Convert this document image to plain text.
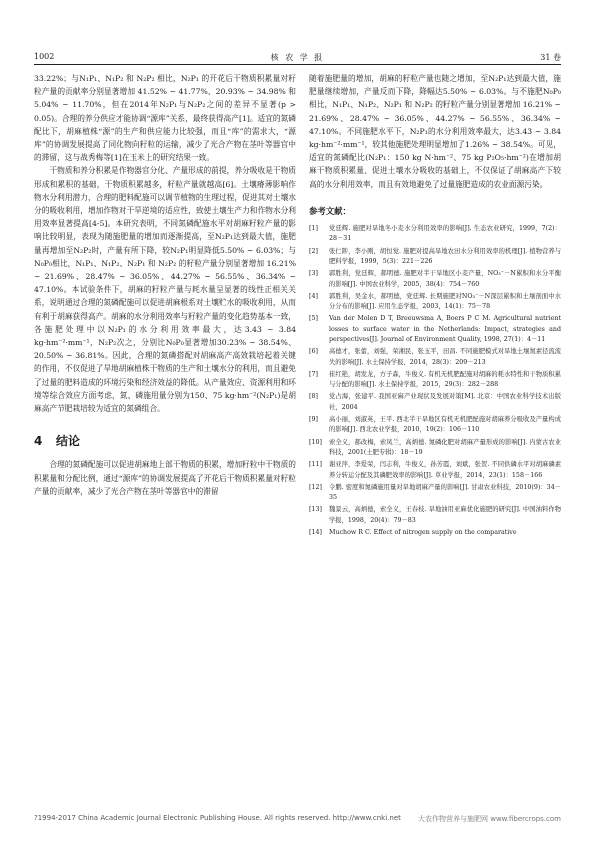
1002	核 农 学 报	31 卷

33.22%；与N₁P₁、N₁P₂ 和 N₂P₂ 相比，N₂P₁ 的开花后干物质积累量对籽粒产量的贡献率分别显著增加 41.52% ~ 41.77%、20.93% ~ 34.98% 和 5.04% ~ 11.70%，但在2014年N₂P₁与N₂P₂之间的差异不显著(p > 0.05)。合理的养分供应才能协调“源库”关系，最终获得高产[1]。适宜的氮磷配比下，胡麻植株“源”的生产和供应能力比较强，而且“库”的需求大，“源库”的协调发展提高了同化物向籽粒的运输，减少了光合产物在茎叶等器官中的滞留，这与战秀梅等[1]在玉米上的研究结果一致。

干物质和养分积累是作物器官分化、产量形成的前提，养分吸收是干物质形成和累积的基础，干物质积累越多，籽粒产量就越高[6]。土壤瘠薄影响作物水分利用潜力，合理的肥料配施可以调节植物的生理过程，促进其对土壤水分的吸收利用，增加作物对干旱逆境的适应性，致使土壤生产力和作物水分利用效率显著提高[4-5]。本研究表明，不同氮磷配施水平对胡麻籽粒产量的影响比较明显，表现为随施肥量的增加而逐渐提高，至N₂P₁达到最大值，施肥量再增加至N₂P₂时，产量有所下降，较N₂P₁明显降低5.50% ~ 6.03%；与N₀P₀相比，N₁P₁、N₁P₂、N₂P₁ 和 N₂P₂ 的籽粒产量分别显著增加 16.21% ~ 21.69%、28.47% ~ 36.05%、44.27% ~ 56.55%、36.34% ~ 47.10%。本试验条件下，胡麻的籽粒产量与耗水量呈显著的线性正相关关系，说明通过合理的氮磷配施可以促进胡麻根系对土壤贮水的吸收利用，从而有利于胡麻获得高产。胡麻的水分利用效率与籽粒产量的变化趋势基本一致，各施肥处理中以N₂P₁的水分利用效率最大，达3.43 ~ 3.84 kg·hm⁻²·mm⁻¹，N₂P₂次之，分别比N₀P₀显著增加30.23% ~ 38.54%、20.50% ~ 36.81%。因此，合理的氮磷搭配对胡麻高产高效栽培起着关键的作用，不仅促进了旱地胡麻植株干物质的生产和土壤水分的利用，而且避免了过量的肥料造成的环境污染和经济效益的降低。从产量效应、资源利用和环境等综合效应方面考虑，氮、磷施用量分别为150、75 kg·hm⁻²(N₂P₁)是胡麻高产节肥栽培较为适宜的氮磷组合。

4 结论

合理的氮磷配施可以促进胡麻地上部干物质的积累，增加籽粒中干物质的积累量和分配比例，通过“源库”的协调发展提高了开花后干物质积累量对籽粒产量的贡献率，减少了光合产物在茎叶等器官中的滞留

随着施肥量的增加，胡麻的籽粒产量也随之增加，至N₂P₁达到最大值，施肥量继续增加，产量反而下降，降幅达5.50% ~ 6.03%。与不施肥N₀P₀相比，N₁P₁、N₁P₂、N₂P₁ 和 N₂P₂ 的籽粒产量分别显著增加 16.21% ~ 21.69%、28.47% ~ 36.05%、44.27% ~ 56.55%、36.34% ~ 47.10%。不同施肥水平下，N₂P₁的水分利用效率最大，达3.43 ~ 3.84 kg·hm⁻²·mm⁻¹，较其他施肥处理明显增加了1.26% ~ 38.54%。可见，适宜的氮磷配比(N₂P₁：150 kg N·hm⁻²、75 kg P₂O₅·hm⁻²)在增加胡麻干物质积累量、促进土壤水分吸收的基础上，不仅保证了胡麻高产下较高的水分利用效率，而且有效地避免了过量施肥造成的农业面源污染。

参考文献：
[1]	党廷辉. 施肥对旱地冬小麦水分利用效率的影响[J]. 生态农业研究，1999，7(2)：28－31
[2]	张仁陟，李小刚，胡恒觉. 施肥对提高旱地农田水分利用效率的机理[J]. 植物营养与肥料学报，1999，5(3)：221－226
[3]	郭胜利，党廷辉，郝明德. 施肥对半干旱地区小麦产量、NO₃⁻－N累积和水分平衡的影响[J]. 中国农业科学，2005，38(4)：754－760
[4]	郭胜利，吴金水，郝明德，党廷辉. 长期施肥对NO₃⁻－N深层累积和土壤剖面中水分分布的影响[J]. 应用生态学报，2003，14(1)：75－78
[5]	Van der Molen D T, Breeuwsma A, Boers P C M. Agricultural nutrient losses to surface water in the Netherlands: Impact, strategies and perspectives[J]. Journal of Environment Quality, 1998, 27(1)：4－11
[6]	高德才，张蕾，刘强，荣湘民，张玉平，田昌. 不同施肥模式对旱地土壤氮素径流流失的影响[J]. 水土保持学报，2014，28(3)：209－213
[7]	崔红艳，胡发龙，方子森，牛俊义. 有机无机肥配施对胡麻的耗水特性和干物质积累与分配的影响[J]. 水土保持学报，2015，29(3)：282－288
[8]	党占海，张建平. 我国亚麻产业现状及发展对策[M]. 北京：中国农业科学技术出版社，2004
[9]	高小丽，刘淑英，王平. 西北半干旱地区有机无机肥配施对胡麻养分吸收及产量构成的影响[J]. 西北农业学报，2010，19(2)：106－110
[10]	索全义，郝改梅，索凤兰，高炳德. 氮磷化肥对胡麻产量形成的影响[J]. 内蒙古农业科技，2001(土肥专辑)：18－19
[11]	谢亚萍，李爱荣，闫志利，牛俊义，孙芳霞，刘斌，张贺. 不同供磷水平对胡麻磷素养分转运分配及其磷肥效率的影响[J]. 草业学报，2014，23(1)：158－166
[12]	令鹏. 密度和氮磷施用量对旱地胡麻产量的影响[J]. 甘肃农业科技，2010(9)：34－35
[13]	魏景云，高炳德，索全义，王春枝. 旱地油用亚麻优化施肥的研究[J]. 中国油料作物学报，1998，20(4)：79－83
[14]	Muchow R C. Effect of nitrogen supply on the comparative
?1994-2017 China Academic Journal Electronic Publishing House. All rights reserved. http://www.cnki.net 大农作物营养与施肥网 www.fibercrops.com
